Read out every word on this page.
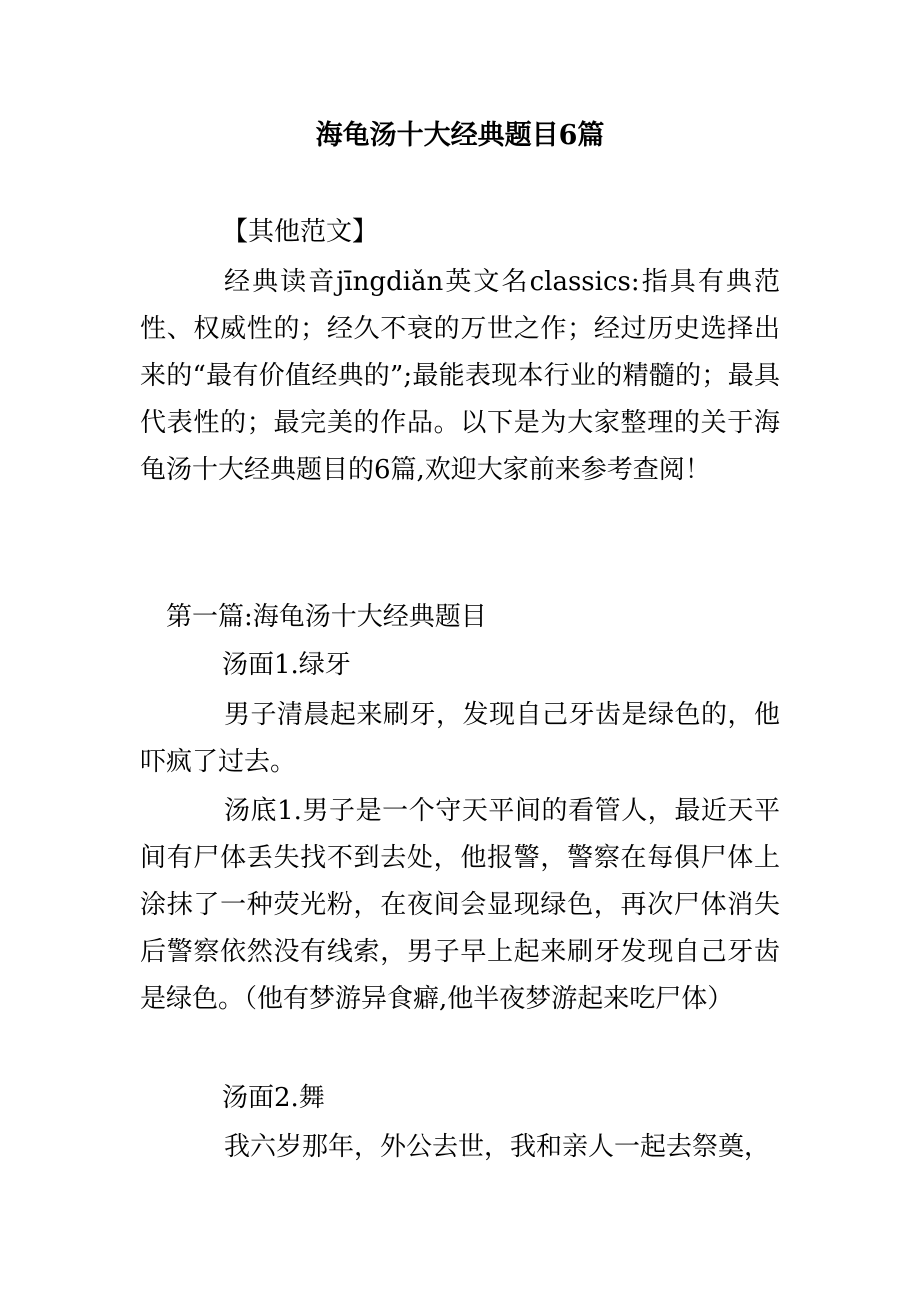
海龟汤十大经典题目6篇
【其他范文】
经典读音jīngdiǎn英文名classics:指具有典范性、权威性的；经久不衰的万世之作；经过历史选择出来的“最有价值经典的”;最能表现本行业的精髓的；最具代表性的；最完美的作品。以下是为大家整理的关于海龟汤十大经典题目的6篇,欢迎大家前来参考查阅！
第一篇:海龟汤十大经典题目
汤面1.绿牙
男子清晨起来刷牙，发现自己牙齿是绿色的，他吓疯了过去。
汤底1.男子是一个守天平间的看管人，最近天平间有尸体丢失找不到去处，他报警，警察在每俱尸体上涂抹了一种荧光粉，在夜间会显现绿色，再次尸体消失后警察依然没有线索，男子早上起来刷牙发现自己牙齿是绿色。（他有梦游异食癖,他半夜梦游起来吃尸体）
汤面2.舞
我六岁那年，外公去世，我和亲人一起去祭奠，
